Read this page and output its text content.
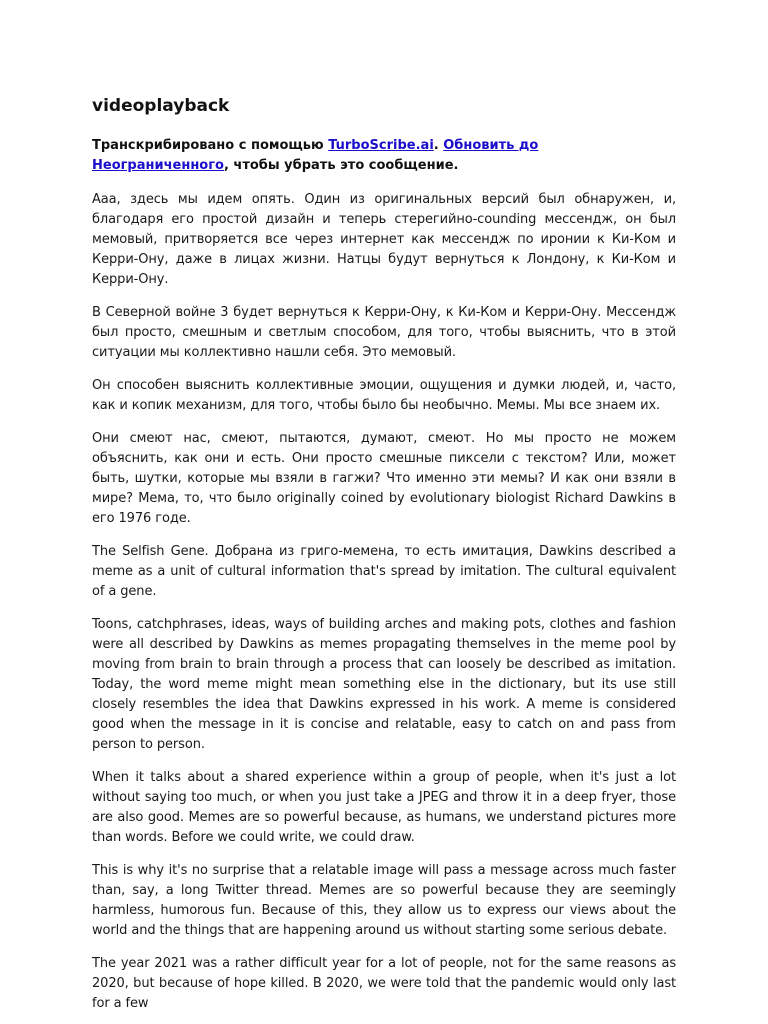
videoplayback

Транскрибировано с помощью TurboScribe.ai. Обновить до Неограниченного, чтобы убрать это сообщение.

Ааа, здесь мы идем опять. Один из оригинальных версий был обнаружен, и, благодаря его простой дизайн и теперь стерегийно-counding мессендж, он был мемовый, притворяется все через интернет как мессендж по иронии к Ки-Ком и Керри-Ону, даже в лицах жизни. Натцы будут вернуться к Лондону, к Ки-Ком и Керри-Ону.

В Северной войне 3 будет вернуться к Керри-Ону, к Ки-Ком и Керри-Ону. Мессендж был просто, смешным и светлым способом, для того, чтобы выяснить, что в этой ситуации мы коллективно нашли себя. Это мемовый.

Он способен выяснить коллективные эмоции, ощущения и думки людей, и, часто, как и копик механизм, для того, чтобы было бы необычно. Мемы. Мы все знаем их.

Они смеют нас, смеют, пытаются, думают, смеют. Но мы просто не можем объяснить, как они и есть. Они просто смешные пиксели с текстом? Или, может быть, шутки, которые мы взяли в гагжи? Что именно эти мемы? И как они взяли в мире? Мема, то, что было originally coined by evolutionary biologist Richard Dawkins в его 1976 годе.

The Selfish Gene. Добрана из григо-мемена, то есть имитация, Dawkins described a meme as a unit of cultural information that's spread by imitation. The cultural equivalent of a gene.

Toons, catchphrases, ideas, ways of building arches and making pots, clothes and fashion were all described by Dawkins as memes propagating themselves in the meme pool by moving from brain to brain through a process that can loosely be described as imitation. Today, the word meme might mean something else in the dictionary, but its use still closely resembles the idea that Dawkins expressed in his work. A meme is considered good when the message in it is concise and relatable, easy to catch on and pass from person to person.

When it talks about a shared experience within a group of people, when it's just a lot without saying too much, or when you just take a JPEG and throw it in a deep fryer, those are also good. Memes are so powerful because, as humans, we understand pictures more than words. Before we could write, we could draw.

This is why it's no surprise that a relatable image will pass a message across much faster than, say, a long Twitter thread. Memes are so powerful because they are seemingly harmless, humorous fun. Because of this, they allow us to express our views about the world and the things that are happening around us without starting some serious debate.

The year 2021 was a rather difficult year for a lot of people, not for the same reasons as 2020, but because of hope killed. В 2020, we were told that the pandemic would only last for a few
